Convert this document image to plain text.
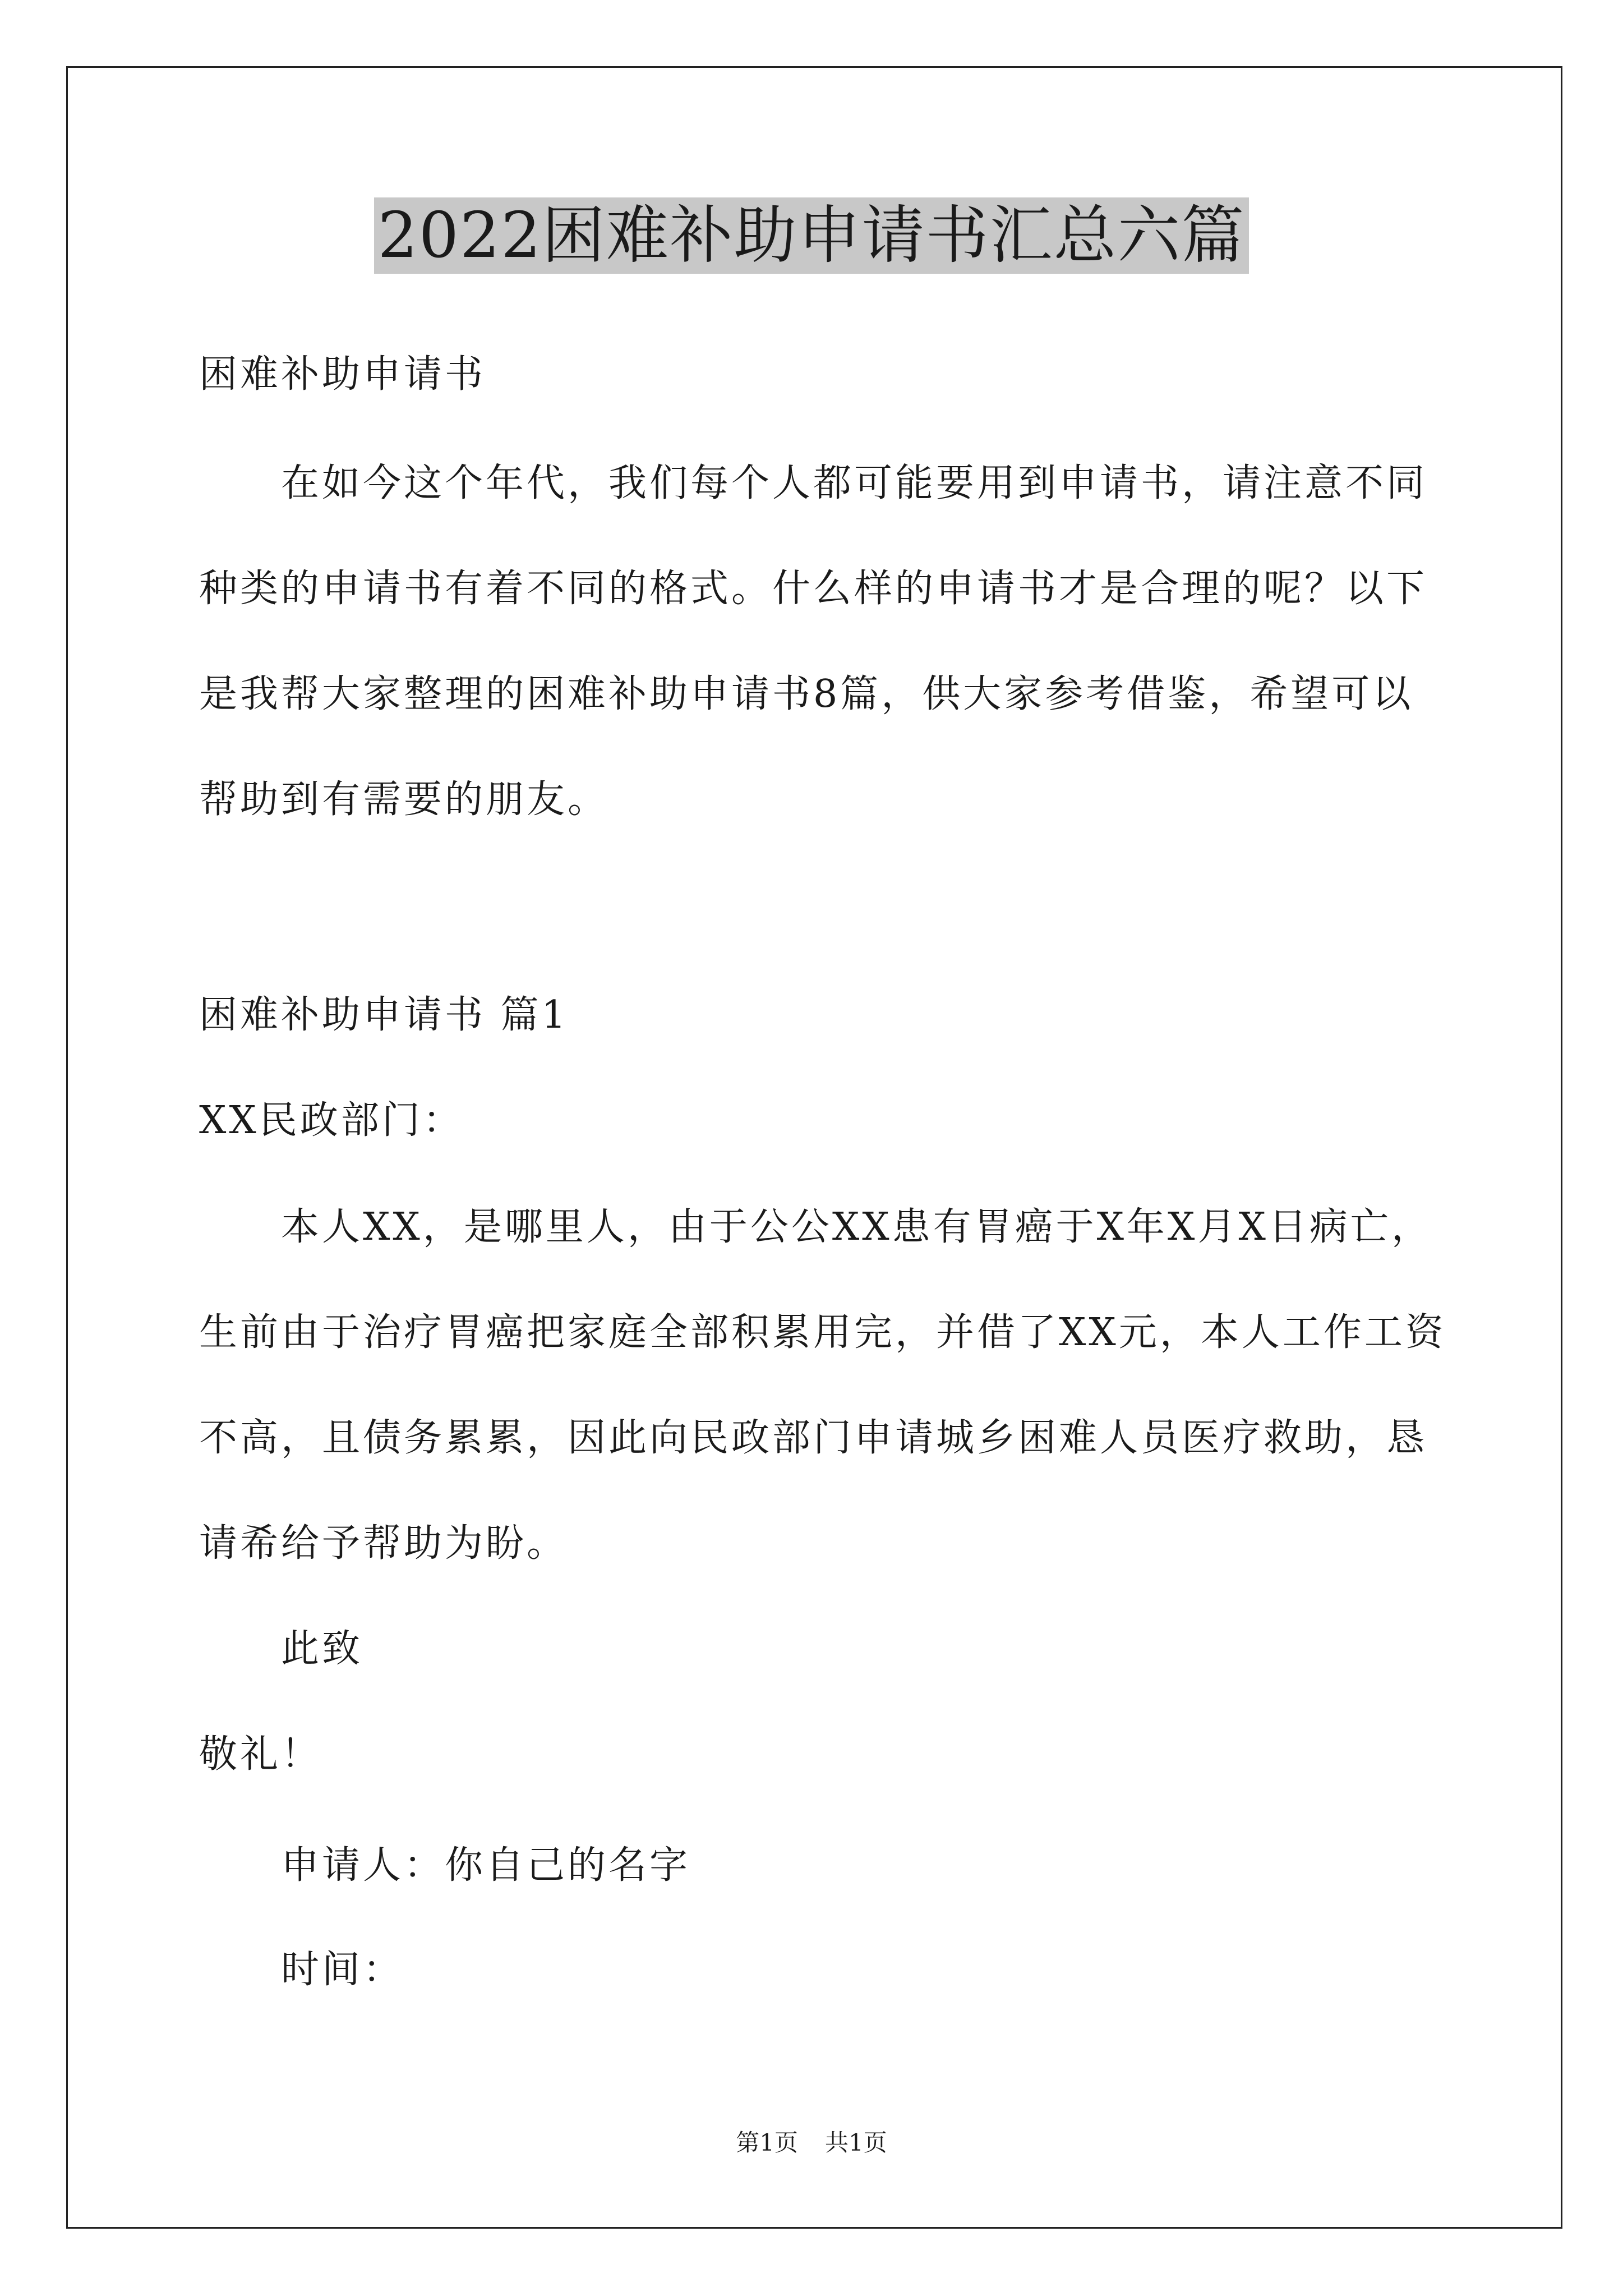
2022困难补助申请书汇总六篇
困难补助申请书
在如今这个年代，我们每个人都可能要用到申请书，请注意不同
种类的申请书有着不同的格式。什么样的申请书才是合理的呢？以下
是我帮大家整理的困难补助申请书8篇，供大家参考借鉴，希望可以
帮助到有需要的朋友。
困难补助申请书 篇1
XX民政部门：
本人XX，是哪里人，由于公公XX患有胃癌于X年X月X日病亡，
生前由于治疗胃癌把家庭全部积累用完，并借了XX元，本人工作工资
不高，且债务累累，因此向民政部门申请城乡困难人员医疗救助，恳
请希给予帮助为盼。
此致
敬礼！
申请人：你自己的名字
时间：
第1页 共1页
